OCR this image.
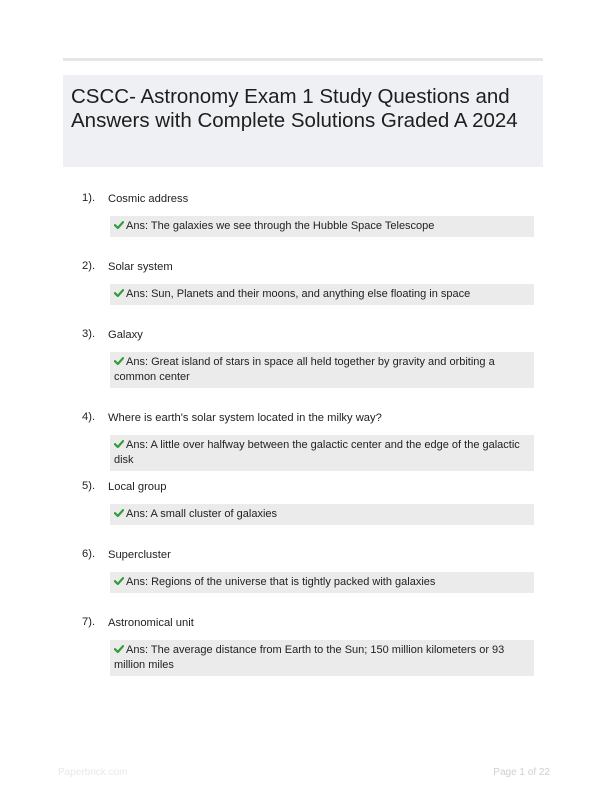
CSCC- Astronomy Exam 1 Study Questions and Answers with Complete Solutions Graded A 2024
1). Cosmic address
Ans: The galaxies we see through the Hubble Space Telescope
2). Solar system
Ans: Sun, Planets and their moons, and anything else floating in space
3). Galaxy
Ans: Great island of stars in space all held together by gravity and orbiting a common center
4). Where is earth's solar system located in the milky way?
Ans: A little over halfway between the galactic center and the edge of the galactic disk
5). Local group
Ans: A small cluster of galaxies
6). Supercluster
Ans: Regions of the universe that is tightly packed with galaxies
7). Astronomical unit
Ans: The average distance from Earth to the Sun; 150 million kilometers or 93 million miles
Paperbrick.com	Page 1 of 22
